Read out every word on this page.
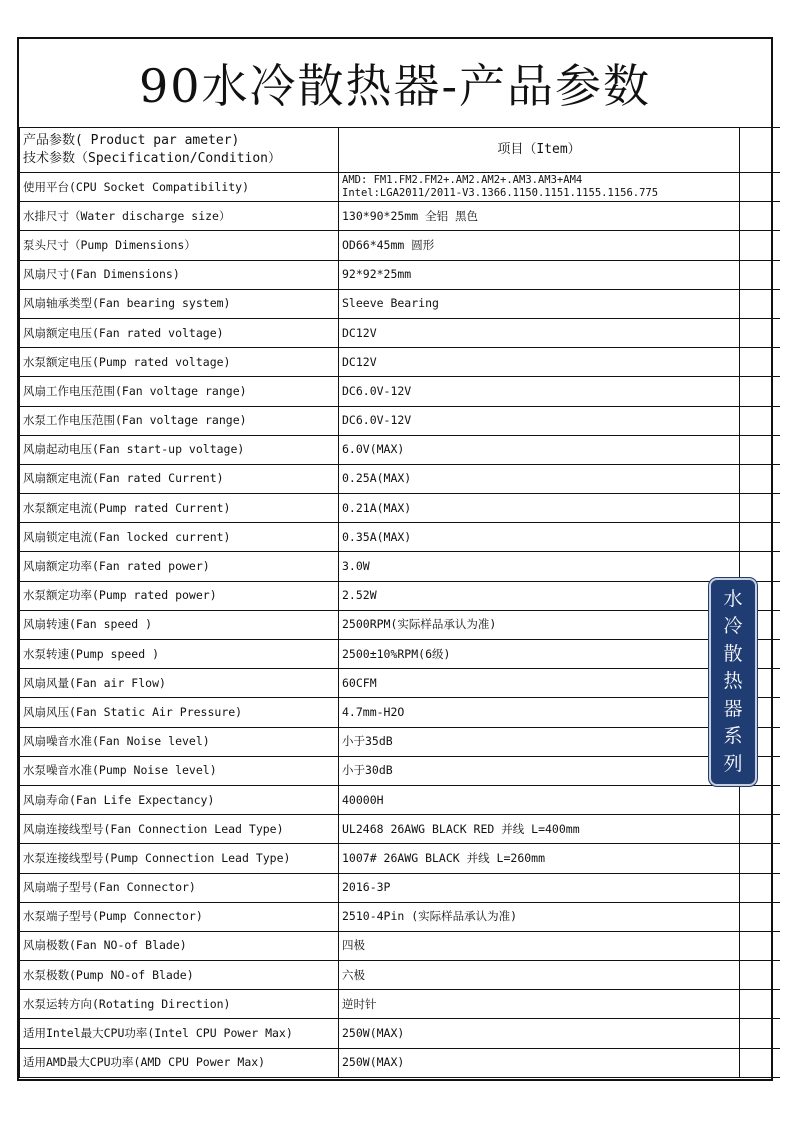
90水冷散热器-产品参数
产品参数( Product par ameter)
技术参数（Specification/Condition）	项目（Item）	
使用平台(CPU Socket Compatibility)	AMD: FM1.FM2.FM2+.AM2.AM2+.AM3.AM3+AM4
Intel:LGA2011/2011-V3.1366.1150.1151.1155.1156.775	

水排尺寸（Water discharge size）	130*90*25mm 全铝 黑色	
泵头尺寸（Pump Dimensions）	OD66*45mm 圆形	
风扇尺寸(Fan Dimensions)	92*92*25mm	
风扇轴承类型(Fan bearing system)	Sleeve Bearing	
风扇额定电压(Fan rated voltage)	DC12V	
水泵额定电压(Pump rated voltage)	DC12V	
风扇工作电压范围(Fan voltage range)	DC6.0V-12V	
水泵工作电压范围(Fan voltage range)	DC6.0V-12V	
风扇起动电压(Fan start-up voltage)	6.0V(MAX)	
风扇额定电流(Fan rated Current)	0.25A(MAX)	
水泵额定电流(Pump rated Current)	0.21A(MAX)	
风扇锁定电流(Fan locked current)	0.35A(MAX)	
风扇额定功率(Fan rated power)	3.0W	
水泵额定功率(Pump rated power)	2.52W	
风扇转速(Fan speed )	2500RPM(实际样品承认为准)	
水泵转速(Pump speed )	2500±10%RPM(6级)	
风扇风量(Fan air Flow)	60CFM	
风扇风压(Fan Static Air Pressure)	4.7mm-H2O	
风扇噪音水准(Fan Noise level)	小于35dB	
水泵噪音水准(Pump Noise level)	小于30dB	
风扇寿命(Fan Life Expectancy)	40000H	
风扇连接线型号(Fan Connection Lead Type)	UL2468 26AWG BLACK RED 并线 L=400mm	
水泵连接线型号(Pump Connection Lead Type)	1007# 26AWG BLACK 并线 L=260mm	
风扇端子型号(Fan Connector)	2016-3P	
水泵端子型号(Pump Connector)	2510-4Pin (实际样品承认为准)	
风扇极数(Fan NO-of Blade)	四极	
水泵极数(Pump NO-of Blade)	六极	
水泵运转方向(Rotating Direction)	逆时针	
适用Intel最大CPU功率(Intel CPU Power Max)	250W(MAX)	
适用AMD最大CPU功率(AMD CPU Power Max)	250W(MAX)	
水
冷
散
热
器
系
列
